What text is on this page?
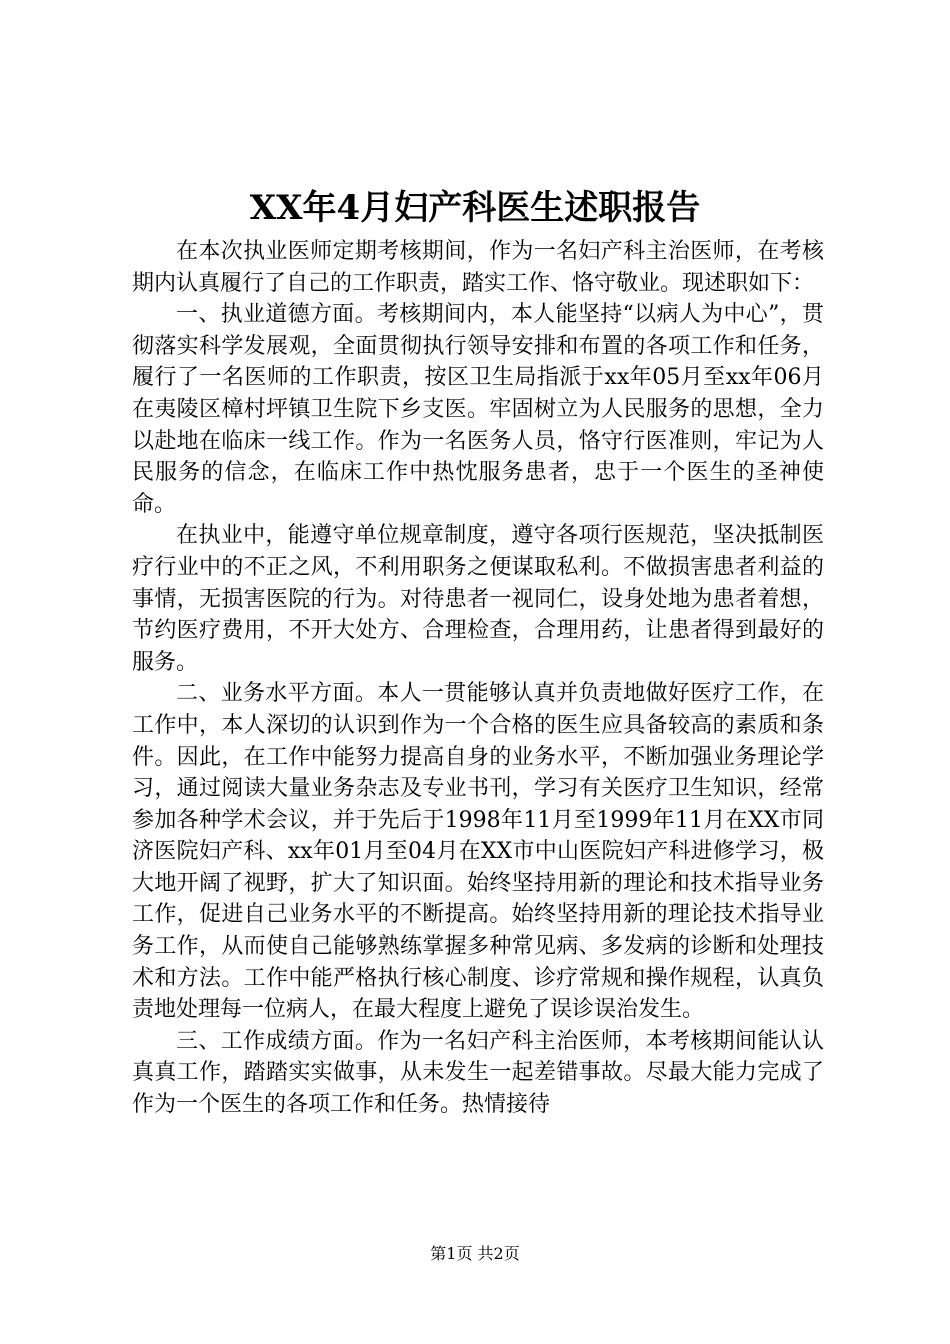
XX年4月妇产科医生述职报告

在本次执业医师定期考核期间，作为一名妇产科主治医师，在考核期内认真履行了自己的工作职责，踏实工作、恪守敬业。现述职如下：

一、执业道德方面。考核期间内，本人能坚持“以病人为中心”，贯彻落实科学发展观，全面贯彻执行领导安排和布置的各项工作和任务，履行了一名医师的工作职责，按区卫生局指派于xx年05月至xx年06月在夷陵区樟村坪镇卫生院下乡支医。牢固树立为人民服务的思想，全力以赴地在临床一线工作。作为一名医务人员，恪守行医准则，牢记为人民服务的信念，在临床工作中热忱服务患者，忠于一个医生的圣神使命。

在执业中，能遵守单位规章制度，遵守各项行医规范，坚决抵制医疗行业中的不正之风，不利用职务之便谋取私利。不做损害患者利益的事情，无损害医院的行为。对待患者一视同仁，设身处地为患者着想，节约医疗费用，不开大处方、合理检查，合理用药，让患者得到最好的服务。

二、业务水平方面。本人一贯能够认真并负责地做好医疗工作，在工作中，本人深切的认识到作为一个合格的医生应具备较高的素质和条件。因此，在工作中能努力提高自身的业务水平，不断加强业务理论学习，通过阅读大量业务杂志及专业书刊，学习有关医疗卫生知识，经常参加各种学术会议，并于先后于1998年11月至1999年11月在XX市同济医院妇产科、xx年01月至04月在XX市中山医院妇产科进修学习，极大地开阔了视野，扩大了知识面。始终坚持用新的理论和技术指导业务工作，促进自己业务水平的不断提高。始终坚持用新的理论技术指导业务工作，从而使自己能够熟练掌握多种常见病、多发病的诊断和处理技术和方法。工作中能严格执行核心制度、诊疗常规和操作规程，认真负责地处理每一位病人，在最大程度上避免了误诊误治发生。

三、工作成绩方面。作为一名妇产科主治医师，本考核期间能认认真真工作，踏踏实实做事，从未发生一起差错事故。尽最大能力完成了作为一个医生的各项工作和任务。热情接待

第1页 共2页
